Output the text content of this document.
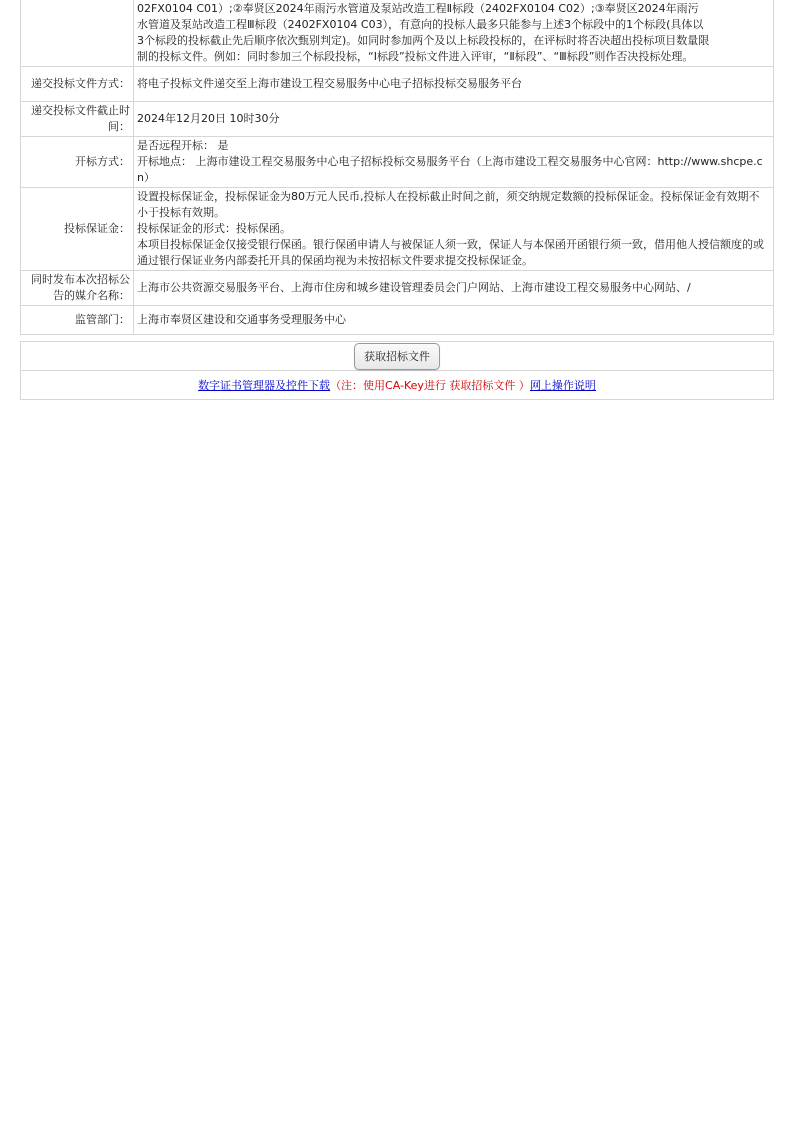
	02FX0104 C01）;②奉贤区2024年雨污水管道及泵站改造工程Ⅱ标段（2402FX0104 C02）;③奉贤区2024年雨污
水管道及泵站改造工程Ⅲ标段（2402FX0104 C03），有意向的投标人最多只能参与上述3个标段中的1个标段(具体以
3个标段的投标截止先后顺序依次甄别判定)。如同时参加两个及以上标段投标的，在评标时将否决超出投标项目数量限
制的投标文件。例如：同时参加三个标段投标，“Ⅰ标段”投标文件进入评审，“Ⅱ标段”、“Ⅲ标段”则作否决投标处理。

递交投标文件方式：	将电子投标文件递交至上海市建设工程交易服务中心电子招标投标交易服务平台
递交投标文件截止时间：	2024年12月20日 10时30分
开标方式：	是否远程开标： 是
开标地点： 上海市建设工程交易服务中心电子招标投标交易服务平台（上海市建设工程交易服务中心官网：http://www.shcpe.cn）

投标保证金：	设置投标保证金，投标保证金为80万元人民币,投标人在投标截止时间之前，须交纳规定数额的投标保证金。投标保证金有效期不小于投标有效期。
投标保证金的形式：投标保函。
本项目投标保证金仅接受银行保函。银行保函申请人与被保证人须一致，保证人与本保函开函银行须一致，借用他人授信额度的或通过银行保证业务内部委托开具的保函均视为未按招标文件要求提交投标保证金。

同时发布本次招标公告的媒介名称：	上海市公共资源交易服务平台、上海市住房和城乡建设管理委员会门户网站、上海市建设工程交易服务中心网站、/
监管部门：	上海市奉贤区建设和交通事务受理服务中心
获取招标文件
数字证书管理器及控件下载（注：使用CA-Key进行 获取招标文件 ）网上操作说明
